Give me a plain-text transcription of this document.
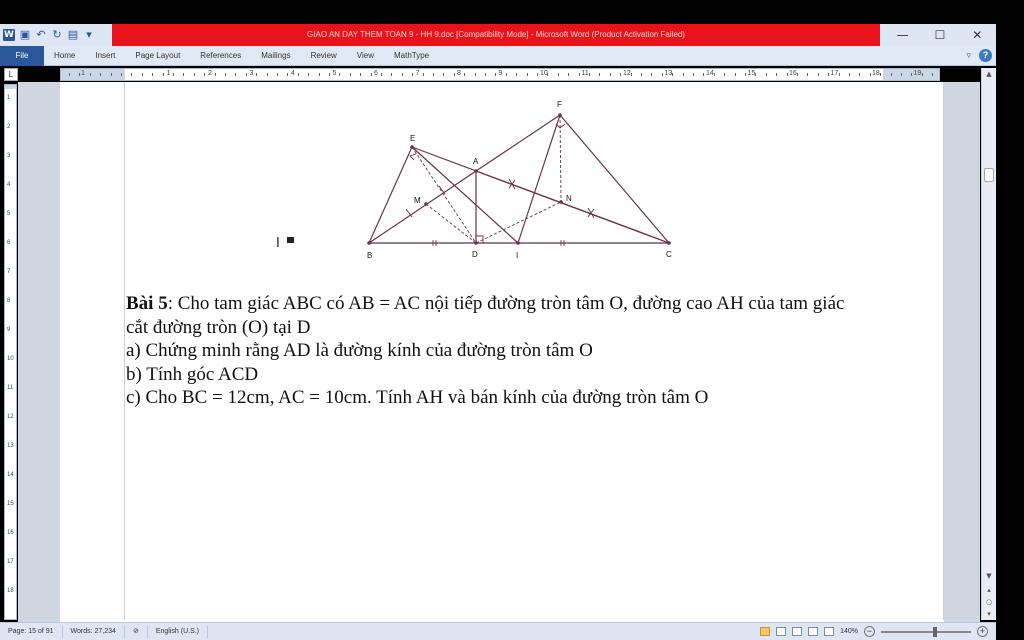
W ▣ ↶ ↻ ▤ ▾	GIAO AN DAY THEM TOAN 9 - HH 9.doc [Compatibility Mode] - Microsoft Word (Product Activation Failed)	—	☐	✕
File	Home	Insert	Page Layout	References	Mailings	Review	View	MathType	▿	?
L	1	1	2	3	4	5	6	7	8	9	10	11	12	13	14	15	16	17	18	19
1
2
3
4
5
6
7
8
9
10
11
12
13
14
15
16
17
18
B	D	I	C
A
E
F
M	N
I

Bài 5: Cho tam giác ABC có AB = AC nội tiếp đường tròn tâm O, đường cao AH của tam giác

cắt đường tròn (O) tại D

a) Chứng minh rằng AD là đường kính của đường tròn tâm O

b) Tính góc ACD

c) Cho BC = 12cm, AC = 10cm. Tính AH và bán kính của đường tròn tâm O

▲
▼
▴
○
▾
Page: 15 of 91	Words: 27,234	⊘	English (U.S.)	140% −	+
